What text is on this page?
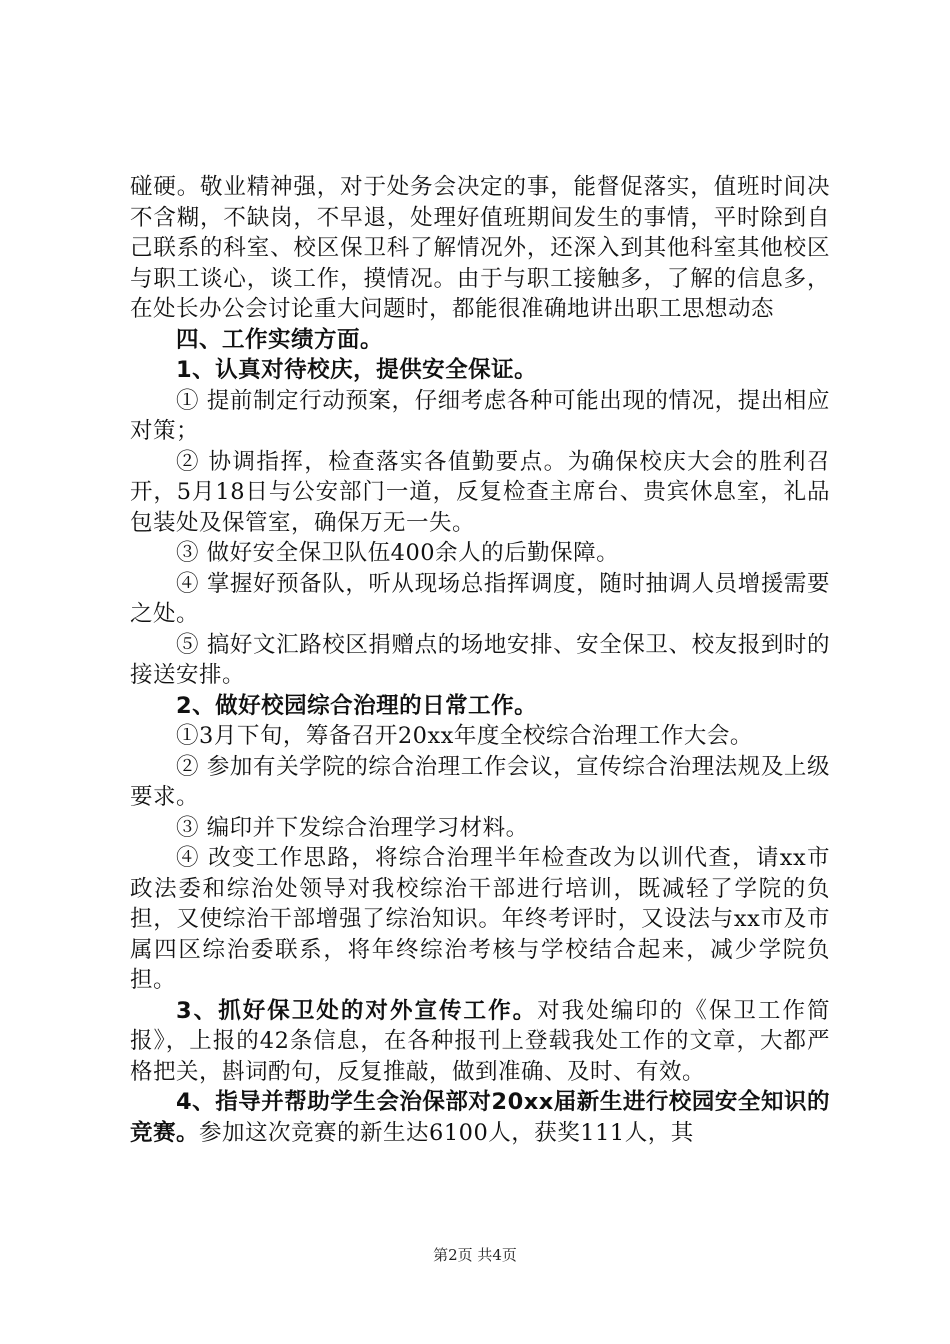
碰硬。敬业精神强，对于处务会决定的事，能督促落实，值班时间决不含糊，不缺岗，不早退，处理好值班期间发生的事情，平时除到自己联系的科室、校区保卫科了解情况外，还深入到其他科室其他校区与职工谈心，谈工作，摸情况。由于与职工接触多，了解的信息多，在处长办公会讨论重大问题时，都能很准确地讲出职工思想动态

四、工作实绩方面。

1、认真对待校庆，提供安全保证。

① 提前制定行动预案，仔细考虑各种可能出现的情况，提出相应对策；

② 协调指挥，检查落实各值勤要点。为确保校庆大会的胜利召开，5月18日与公安部门一道，反复检查主席台、贵宾休息室，礼品包装处及保管室，确保万无一失。

③ 做好安全保卫队伍400余人的后勤保障。

④ 掌握好预备队，听从现场总指挥调度，随时抽调人员增援需要之处。

⑤ 搞好文汇路校区捐赠点的场地安排、安全保卫、校友报到时的接送安排。

2、做好校园综合治理的日常工作。

①3月下旬，筹备召开20xx年度全校综合治理工作大会。

② 参加有关学院的综合治理工作会议，宣传综合治理法规及上级要求。

③ 编印并下发综合治理学习材料。

④ 改变工作思路，将综合治理半年检查改为以训代查，请xx市政法委和综治处领导对我校综治干部进行培训，既减轻了学院的负担，又使综治干部增强了综治知识。年终考评时，又设法与xx市及市属四区综治委联系，将年终综治考核与学校结合起来，减少学院负担。

3、抓好保卫处的对外宣传工作。对我处编印的《保卫工作简报》，上报的42条信息，在各种报刊上登载我处工作的文章，大都严格把关，斟词酌句，反复推敲，做到准确、及时、有效。

4、指导并帮助学生会治保部对20xx届新生进行校园安全知识的竞赛。参加这次竞赛的新生达6100人，获奖111人，其

第2页 共4页
